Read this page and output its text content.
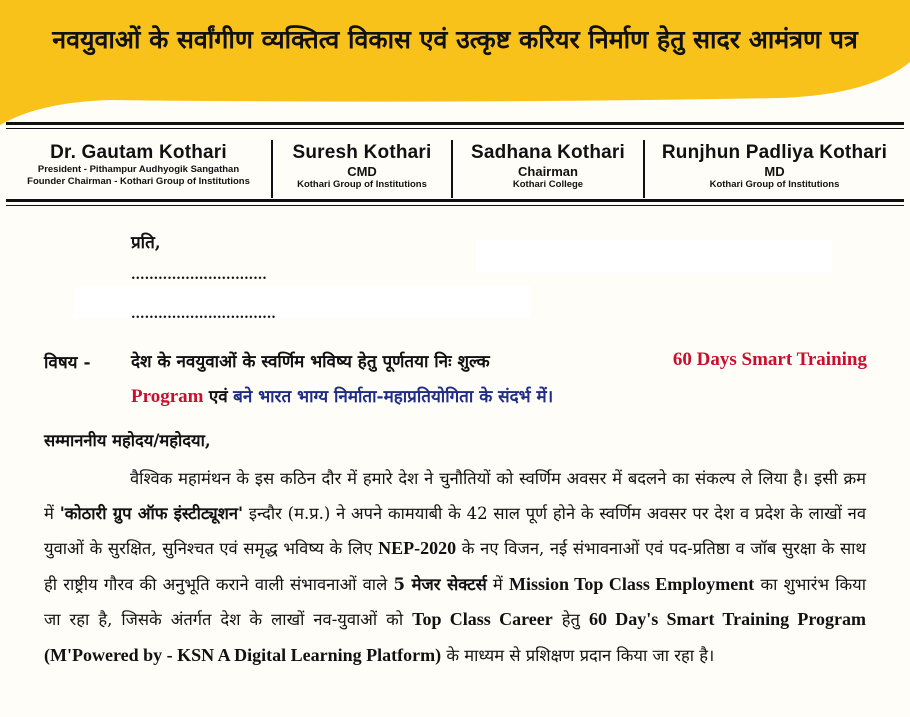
नवयुवाओं के सर्वांगीण व्यक्तित्व विकास एवं उत्कृष्ट करियर निर्माण हेतु सादर आमंत्रण पत्र
Dr. Gautam Kothari
President - Pithampur Audhyogik Sangathan
Founder Chairman - Kothari Group of Institutions
Suresh Kothari
CMD
Kothari Group of Institutions
Sadhana Kothari
Chairman
Kothari College
Runjhun Padliya Kothari
MD
Kothari Group of Institutions
प्रति,
..............................
................................
विषय - देश के नवयुवाओं के स्वर्णिम भविष्य हेतु पूर्णतया निः शुल्क	60 Days Smart Training
Program एवं बने भारत भाग्य निर्माता-महाप्रतियोगिता के संदर्भ में।
सम्माननीय महोदय/महोदया,

वैश्विक महामंथन के इस कठिन दौर में हमारे देश ने चुनौतियों को स्वर्णिम अवसर में बदलने का संकल्प ले लिया है। इसी क्रम में 'कोठारी ग्रुप ऑफ इंस्टीट्यूशन' इन्दौर (म.प्र.) ने अपने कामयाबी के 42 साल पूर्ण होने के स्वर्णिम अवसर पर देश व प्रदेश के लाखों नव युवाओं के सुरक्षित, सुनिश्चत एवं समृद्ध भविष्य के लिए NEP-2020 के नए विजन, नई संभावनाओं एवं पद-प्रतिष्ठा व जॉब सुरक्षा के साथ ही राष्ट्रीय गौरव की अनुभूति कराने वाली संभावनाओं वाले 5 मेजर सेक्टर्स में Mission Top Class Employment का शुभारंभ किया जा रहा है, जिसके अंतर्गत देश के लाखों नव-युवाओं को Top Class Career हेतु 60 Day's Smart Training Program (M'Powered by - KSN A Digital Learning Platform) के माध्यम से प्रशिक्षण प्रदान किया जा रहा है।
